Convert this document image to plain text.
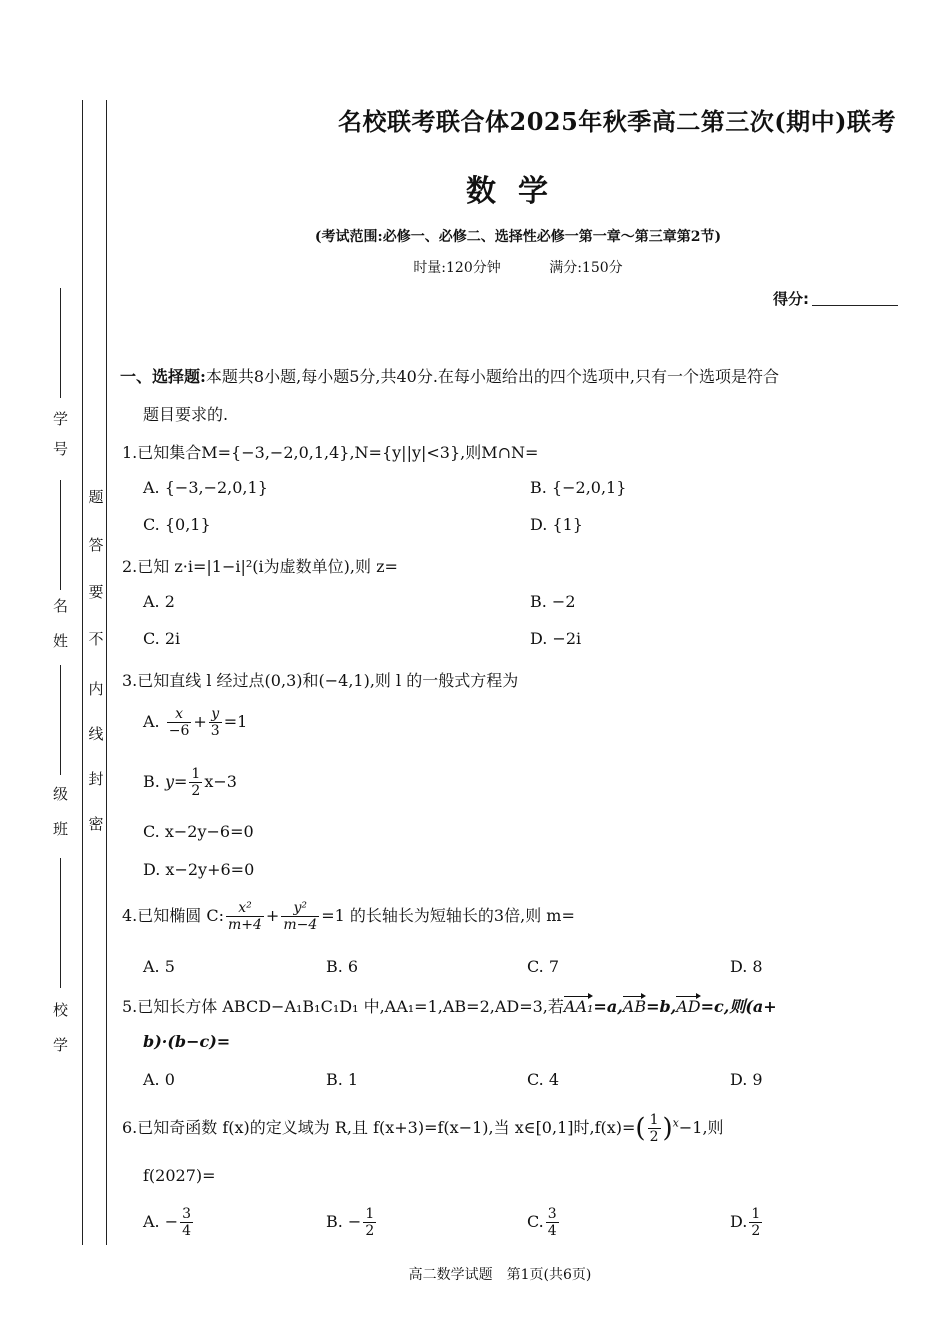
学
号
姓
名
班
级
学
校
密
封
线
内
不
要
答
题
名校联考联合体2025年秋季高二第三次(期中)联考
数学
(考试范围:必修一、必修二、选择性必修一第一章～第三章第2节)
时量:120分钟	满分:150分
得分:
一、选择题:本题共8小题,每小题5分,共40分.在每小题给出的四个选项中,只有一个选项是符合
题目要求的.
1.已知集合M={−3,−2,0,1,4},N={y||y|<3},则M∩N=
A. {−3,−2,0,1}	B. {−2,0,1}
C. {0,1}	D. {1}
2.已知 z·i=|1−i|²(i为虚数单位),则 z=
A. 2	B. −2
C. 2i	D. −2i
3.已知直线 l 经过点(0,3)和(−4,1),则 l 的一般式方程为
A. $\frac{x}{-6} + \frac{y}{3} =1$
B. $y= \frac{1}{2} x-3$
C. x−2y−6=0
D. x−2y+6=0
4.已知椭圆 C: $\frac{\text{x²}}{m+4} + \frac{\text{y²}}{m-4} =1$ 的长轴长为短轴长的3倍,则 m=
A. 5	B. 6	C. 7	D. 8
5.已知长方体 ABCD−A₁B₁C₁D₁ 中,AA₁=1,AB=2,AD=3,若AA₁=a,AB=b,AD=c,则(a+
b)·(b−c)=
A. 0	B. 1	C. 4	D. 9
6.已知奇函数 f(x)的定义域为 R,且 f(x+3)=f(x−1),当 x∈[0,1]时$,f(x)=( \frac{1}{2} )^x-1$,则
f(2027)=
A. − $\frac{3}{4}$	B. − $\frac{1}{2}$	C. $\frac{3}{4}$	D. $\frac{1}{2}$
高二数学试题　第1页(共6页)
